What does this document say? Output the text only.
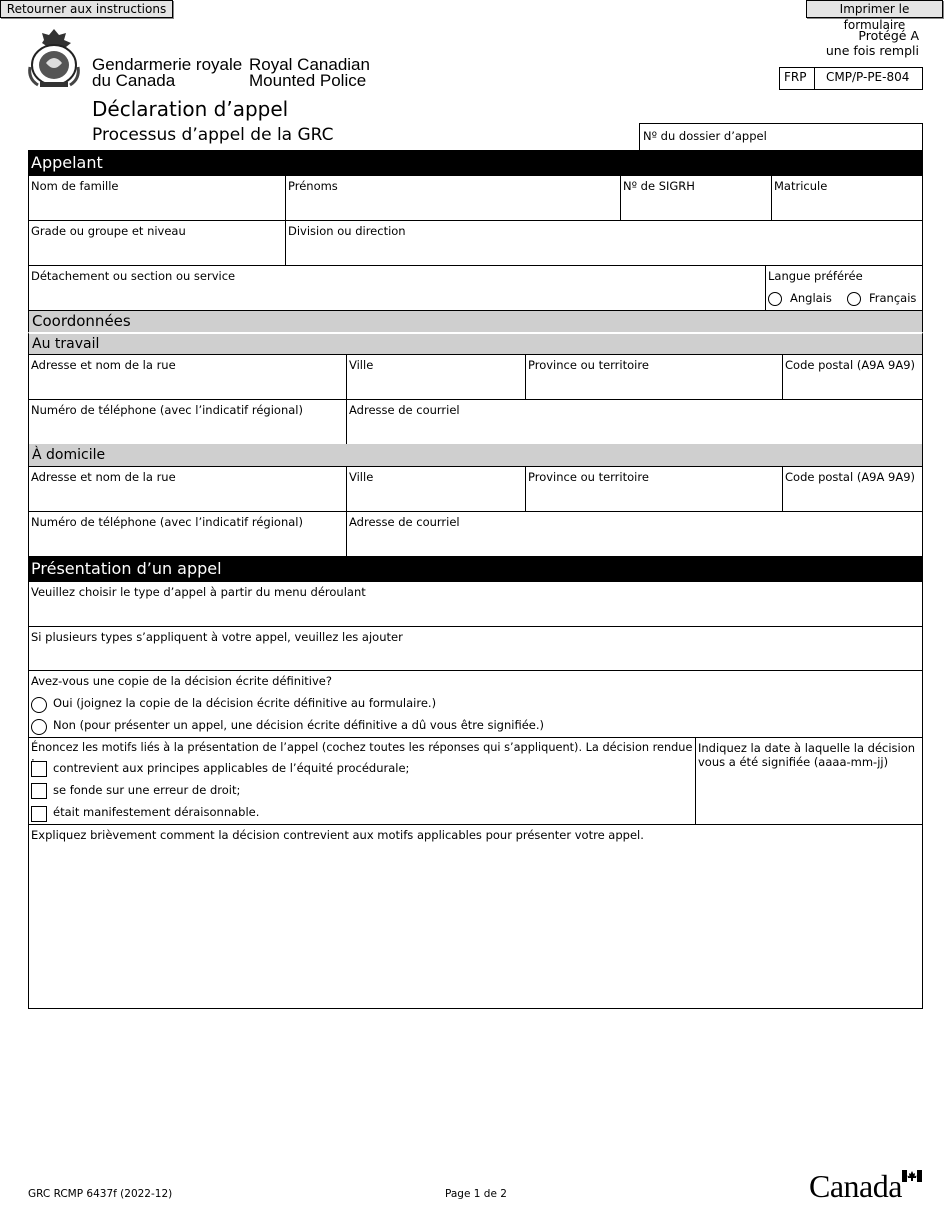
Retourner aux instructions	Imprimer le formulaire
Gendarmerie royale
du Canada
Royal Canadian
Mounted Police
Protégé A
une fois rempli
FRP CMP/P-PE-804
Déclaration d’appel
Processus d’appel de la GRC	Nº du dossier d’appel
Appelant
Nom de famille	Prénoms	Nº de SIGRH	Matricule
Grade ou groupe et niveau	Division ou direction
Détachement ou section ou service	Langue préférée
Anglais	Français
Coordonnées
Au travail
Adresse et nom de la rue	Ville	Province ou territoire	Code postal (A9A 9A9)
Numéro de téléphone (avec l’indicatif régional)	Adresse de courriel
À domicile
Adresse et nom de la rue	Ville	Province ou territoire	Code postal (A9A 9A9)
Numéro de téléphone (avec l’indicatif régional)	Adresse de courriel
Présentation d’un appel
Veuillez choisir le type d’appel à partir du menu déroulant
Si plusieurs types s’appliquent à votre appel, veuillez les ajouter
Avez-vous une copie de la décision écrite définitive?
Oui (joignez la copie de la décision écrite définitive au formulaire.)
Non (pour présenter un appel, une décision écrite définitive a dû vous être signifiée.)
Énoncez les motifs liés à la présentation de l’appel (cochez toutes les réponses qui s’appliquent). La décision rendue
contrevient aux principes applicables de l’équité procédurale;
se fonde sur une erreur de droit;
était manifestement déraisonnable.
Indiquez la date à laquelle la décision vous a été signifiée (aaaa-mm-jj)
Expliquez brièvement comment la décision contrevient aux motifs applicables pour présenter votre appel.
GRC RCMP 6437f (2022-12)	Page 1 de 2	Canada
